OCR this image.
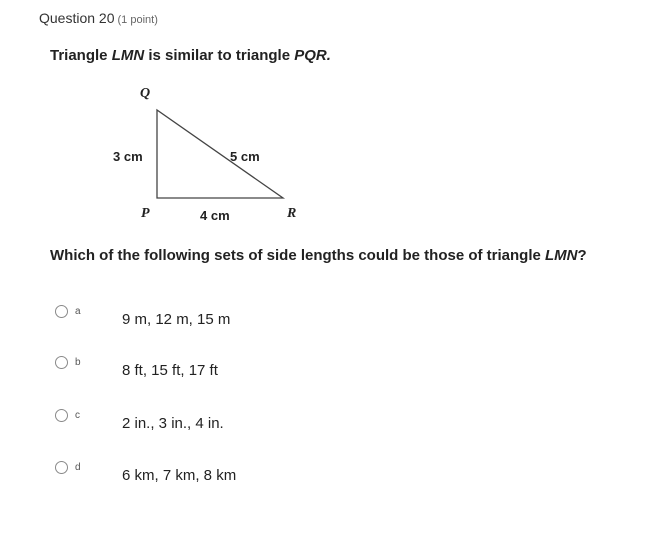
Question 20 (1 point)
Triangle LMN is similar to triangle PQR.
Q
P	R
3 cm	5 cm
4 cm
Which of the following sets of side lengths could be those of triangle LMN?
a	9 m, 12 m, 15 m
b	8 ft, 15 ft, 17 ft
c	2 in., 3 in., 4 in.
d	6 km, 7 km, 8 km
